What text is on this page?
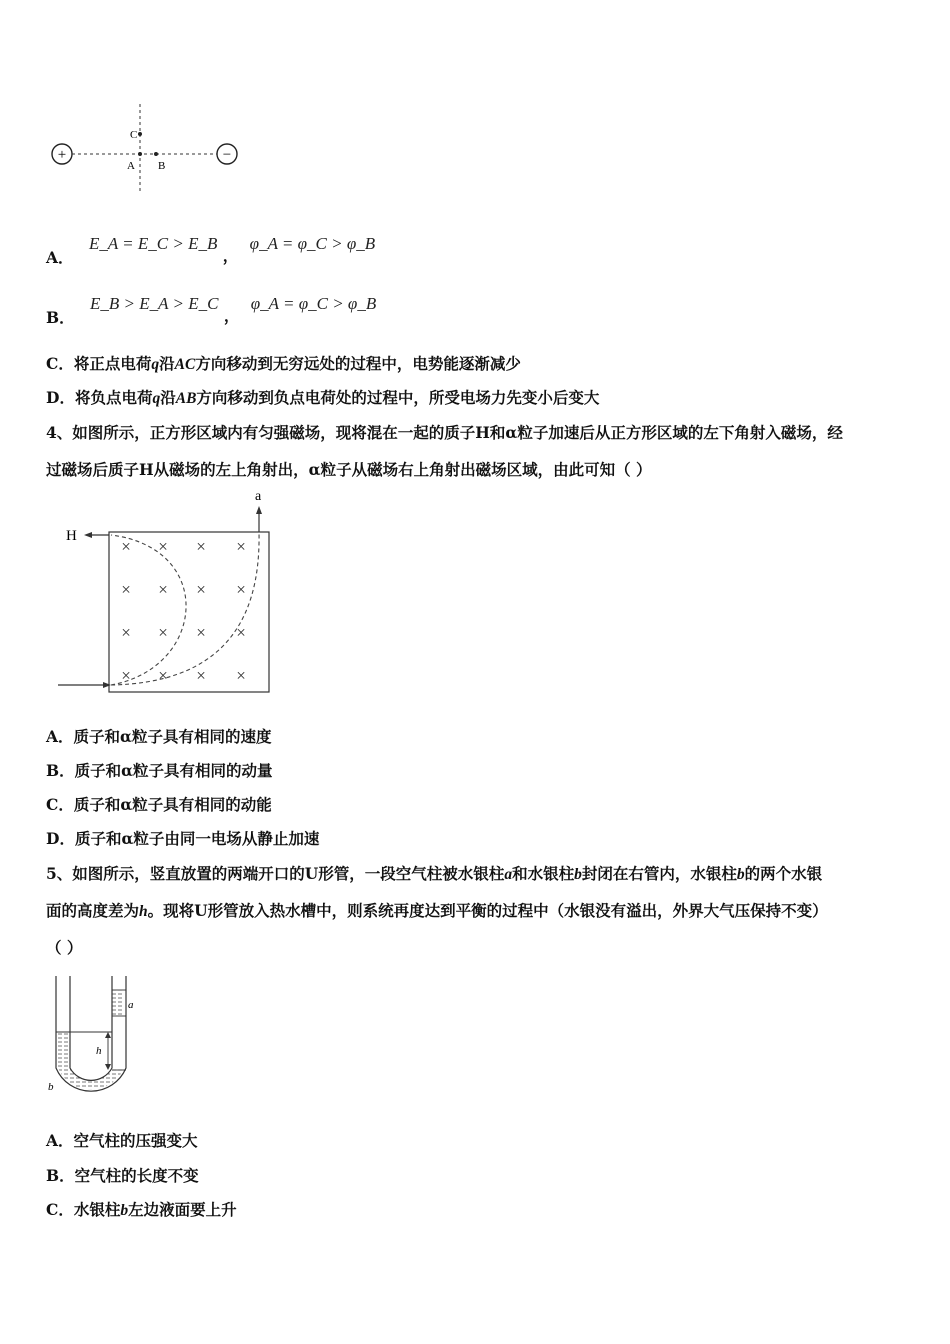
+	−
C
A B
A． E_A = E_C > E_B ， φ_A = φ_C > φ_B
B． E_B > E_A > E_C ， φ_A = φ_C > φ_B
C．将正点电荷q沿AC方向移动到无穷远处的过程中，电势能逐渐减少
D．将负点电荷q沿AB方向移动到负点电荷处的过程中，所受电场力先变小后变大
4、如图所示，正方形区域内有匀强磁场，现将混在一起的质子H和α粒子加速后从正方形区域的左下角射入磁场，经
过磁场后质子H从磁场的左上角射出，α粒子从磁场右上角射出磁场区域，由此可知（ ）
H
a
× × × ×
× × × ×
× × × ×
× × × ×
A．质子和α粒子具有相同的速度
B．质子和α粒子具有相同的动量
C．质子和α粒子具有相同的动能
D．质子和α粒子由同一电场从静止加速
5、如图所示，竖直放置的两端开口的U形管，一段空气柱被水银柱a和水银柱b封闭在右管内，水银柱b的两个水银
面的高度差为h。现将U形管放入热水槽中，则系统再度达到平衡的过程中（水银没有溢出，外界大气压保持不变）
（ ）
h
a
b
A．空气柱的压强变大
B．空气柱的长度不变
C．水银柱b左边液面要上升
